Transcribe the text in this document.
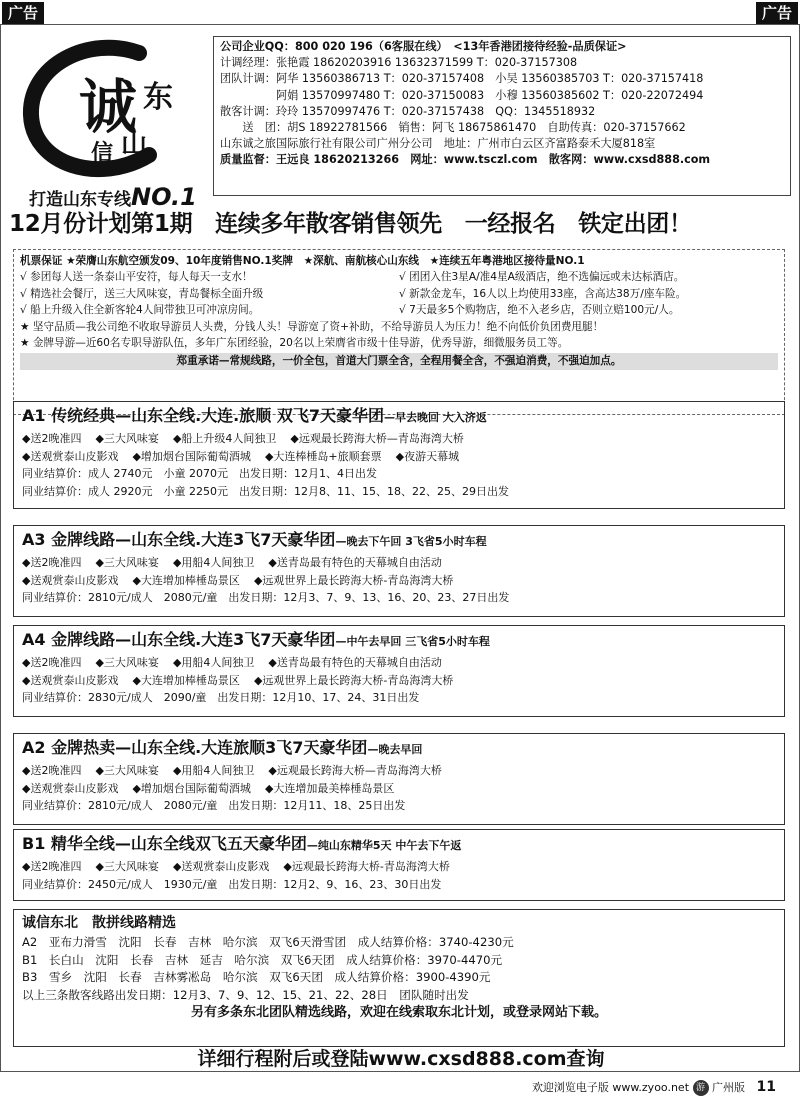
广告	广告
诚 东
信 山
打造山东专线NO.1
公司企业QQ：800 020 196（6客服在线）　<13年香港团接待经验-品质保证>
计调经理：张艳霞 18620203916 13632371599 T：020-37157308
团队计调：阿华 13560386713 T：020-37157408　小吴 13560385703 T：020-37157418
　　　　　阿娟 13570997480 T：020-37150083　小穆 13560385602 T：020-22072494
散客计调：玲玲 13570997476 T：020-37157438　QQ：1345518932
　　送　团：胡S 18922781566　销售：阿飞 18675861470　自助传真：020-37157662
山东诚之旅国际旅行社有限公司广州分公司　地址：广州市白云区齐富路泰禾大厦818室
质量监督：王远良 18620213266　网址：www.tsczl.com　散客网：www.cxsd888.com
12月份计划第1期　连续多年散客销售领先　一经报名　铁定出团！
机票保证 ★荣膺山东航空颁发09、10年度销售NO.1奖牌　★深航、南航核心山东线　★连续五年粤港地区接待量NO.1
√ 参团每人送一条泰山平安符，每人每天一支水！	√ 团团入住3星A/准4星A级酒店，绝不选偏远或未达标酒店。
√ 精选社会餐厅，送三大风味宴，青岛餐标全面升级	√ 新款金龙车，16人以上均使用33座，含高达38万/座车险。
√ 船上升级入住全新客轮4人间带独卫可冲凉房间。	√ 7天最多5个购物店，绝不入老乡店，否则立赔100元/人。
★ 坚守品质—我公司绝不收取导游员人头费，分钱人头！导游宽了资+补助，不给导游员人为压力！绝不向低价负团费甩腿！
★ 金牌导游—近60名专职导游队伍，多年广东团经验，20名以上荣膺省市级十佳导游，优秀导游，细微服务员工等。
郑重承诺—常规线路，一价全包，首道大门票全含，全程用餐全含，不强迫消费，不强迫加点。
A1 传统经典—山东全线.大连.旅顺 双飞7天豪华团—早去晚回 大入济返
◆送2晚准四 ◆三大风味宴 ◆船上升级4人间独卫 ◆远观最长跨海大桥—青岛海湾大桥
◆送观赏泰山皮影戏 ◆增加烟台国际葡萄酒城 ◆大连棒棰岛+旅顺套票 ◆夜游天幕城
同业结算价：成人 2740元　小童 2070元　出发日期：12月1、4日出发
同业结算价：成人 2920元　小童 2250元　出发日期：12月8、11、15、18、22、25、29日出发
A3 金牌线路—山东全线.大连3飞7天豪华团—晚去下午回 3飞省5小时车程
◆送2晚准四 ◆三大风味宴 ◆用船4人间独卫 ◆送青岛最有特色的天幕城自由活动
◆送观赏泰山皮影戏 ◆大连增加棒棰岛景区 ◆远观世界上最长跨海大桥-青岛海湾大桥
同业结算价：2810元/成人　2080元/童　出发日期：12月3、7、9、13、16、20、23、27日出发
A4 金牌线路—山东全线.大连3飞7天豪华团—中午去早回 三飞省5小时车程
◆送2晚准四 ◆三大风味宴 ◆用船4人间独卫 ◆送青岛最有特色的天幕城自由活动
◆送观赏泰山皮影戏 ◆大连增加棒棰岛景区 ◆远观世界上最长跨海大桥-青岛海湾大桥
同业结算价：2830元/成人　2090/童　出发日期：12月10、17、24、31日出发
A2 金牌热卖—山东全线.大连旅顺3飞7天豪华团—晚去早回
◆送2晚准四 ◆三大风味宴 ◆用船4人间独卫 ◆远观最长跨海大桥—青岛海湾大桥
◆送观赏泰山皮影戏 ◆增加烟台国际葡萄酒城 ◆大连增加最美棒棰岛景区
同业结算价：2810元/成人　2080元/童　出发日期：12月11、18、25日出发
B1 精华全线—山东全线双飞五天豪华团—纯山东精华5天 中午去下午返
◆送2晚准四 ◆三大风味宴 ◆送观赏泰山皮影戏 ◆远观最长跨海大桥-青岛海湾大桥
同业结算价：2450元/成人　1930元/童　出发日期：12月2、9、16、23、30日出发
诚信东北　散拼线路精选
A2　亚布力滑雪　沈阳　长春　吉林　哈尔滨　双飞6天滑雪团　成人结算价格：3740-4230元
B1　长白山　沈阳　长春　吉林　延吉　哈尔滨　双飞6天团　成人结算价格：3970-4470元
B3　雪乡　沈阳　长春　吉林雾凇岛　哈尔滨　双飞6天团　成人结算价格：3900-4390元
以上三条散客线路出发日期：12月3、7、9、12、15、21、22、28日　团队随时出发
另有多条东北团队精选线路，欢迎在线索取东北计划，或登录网站下载。
详细行程附后或登陆www.cxsd888.com查询
欢迎浏览电子版 www.zyoo.net 游 广州版 11
